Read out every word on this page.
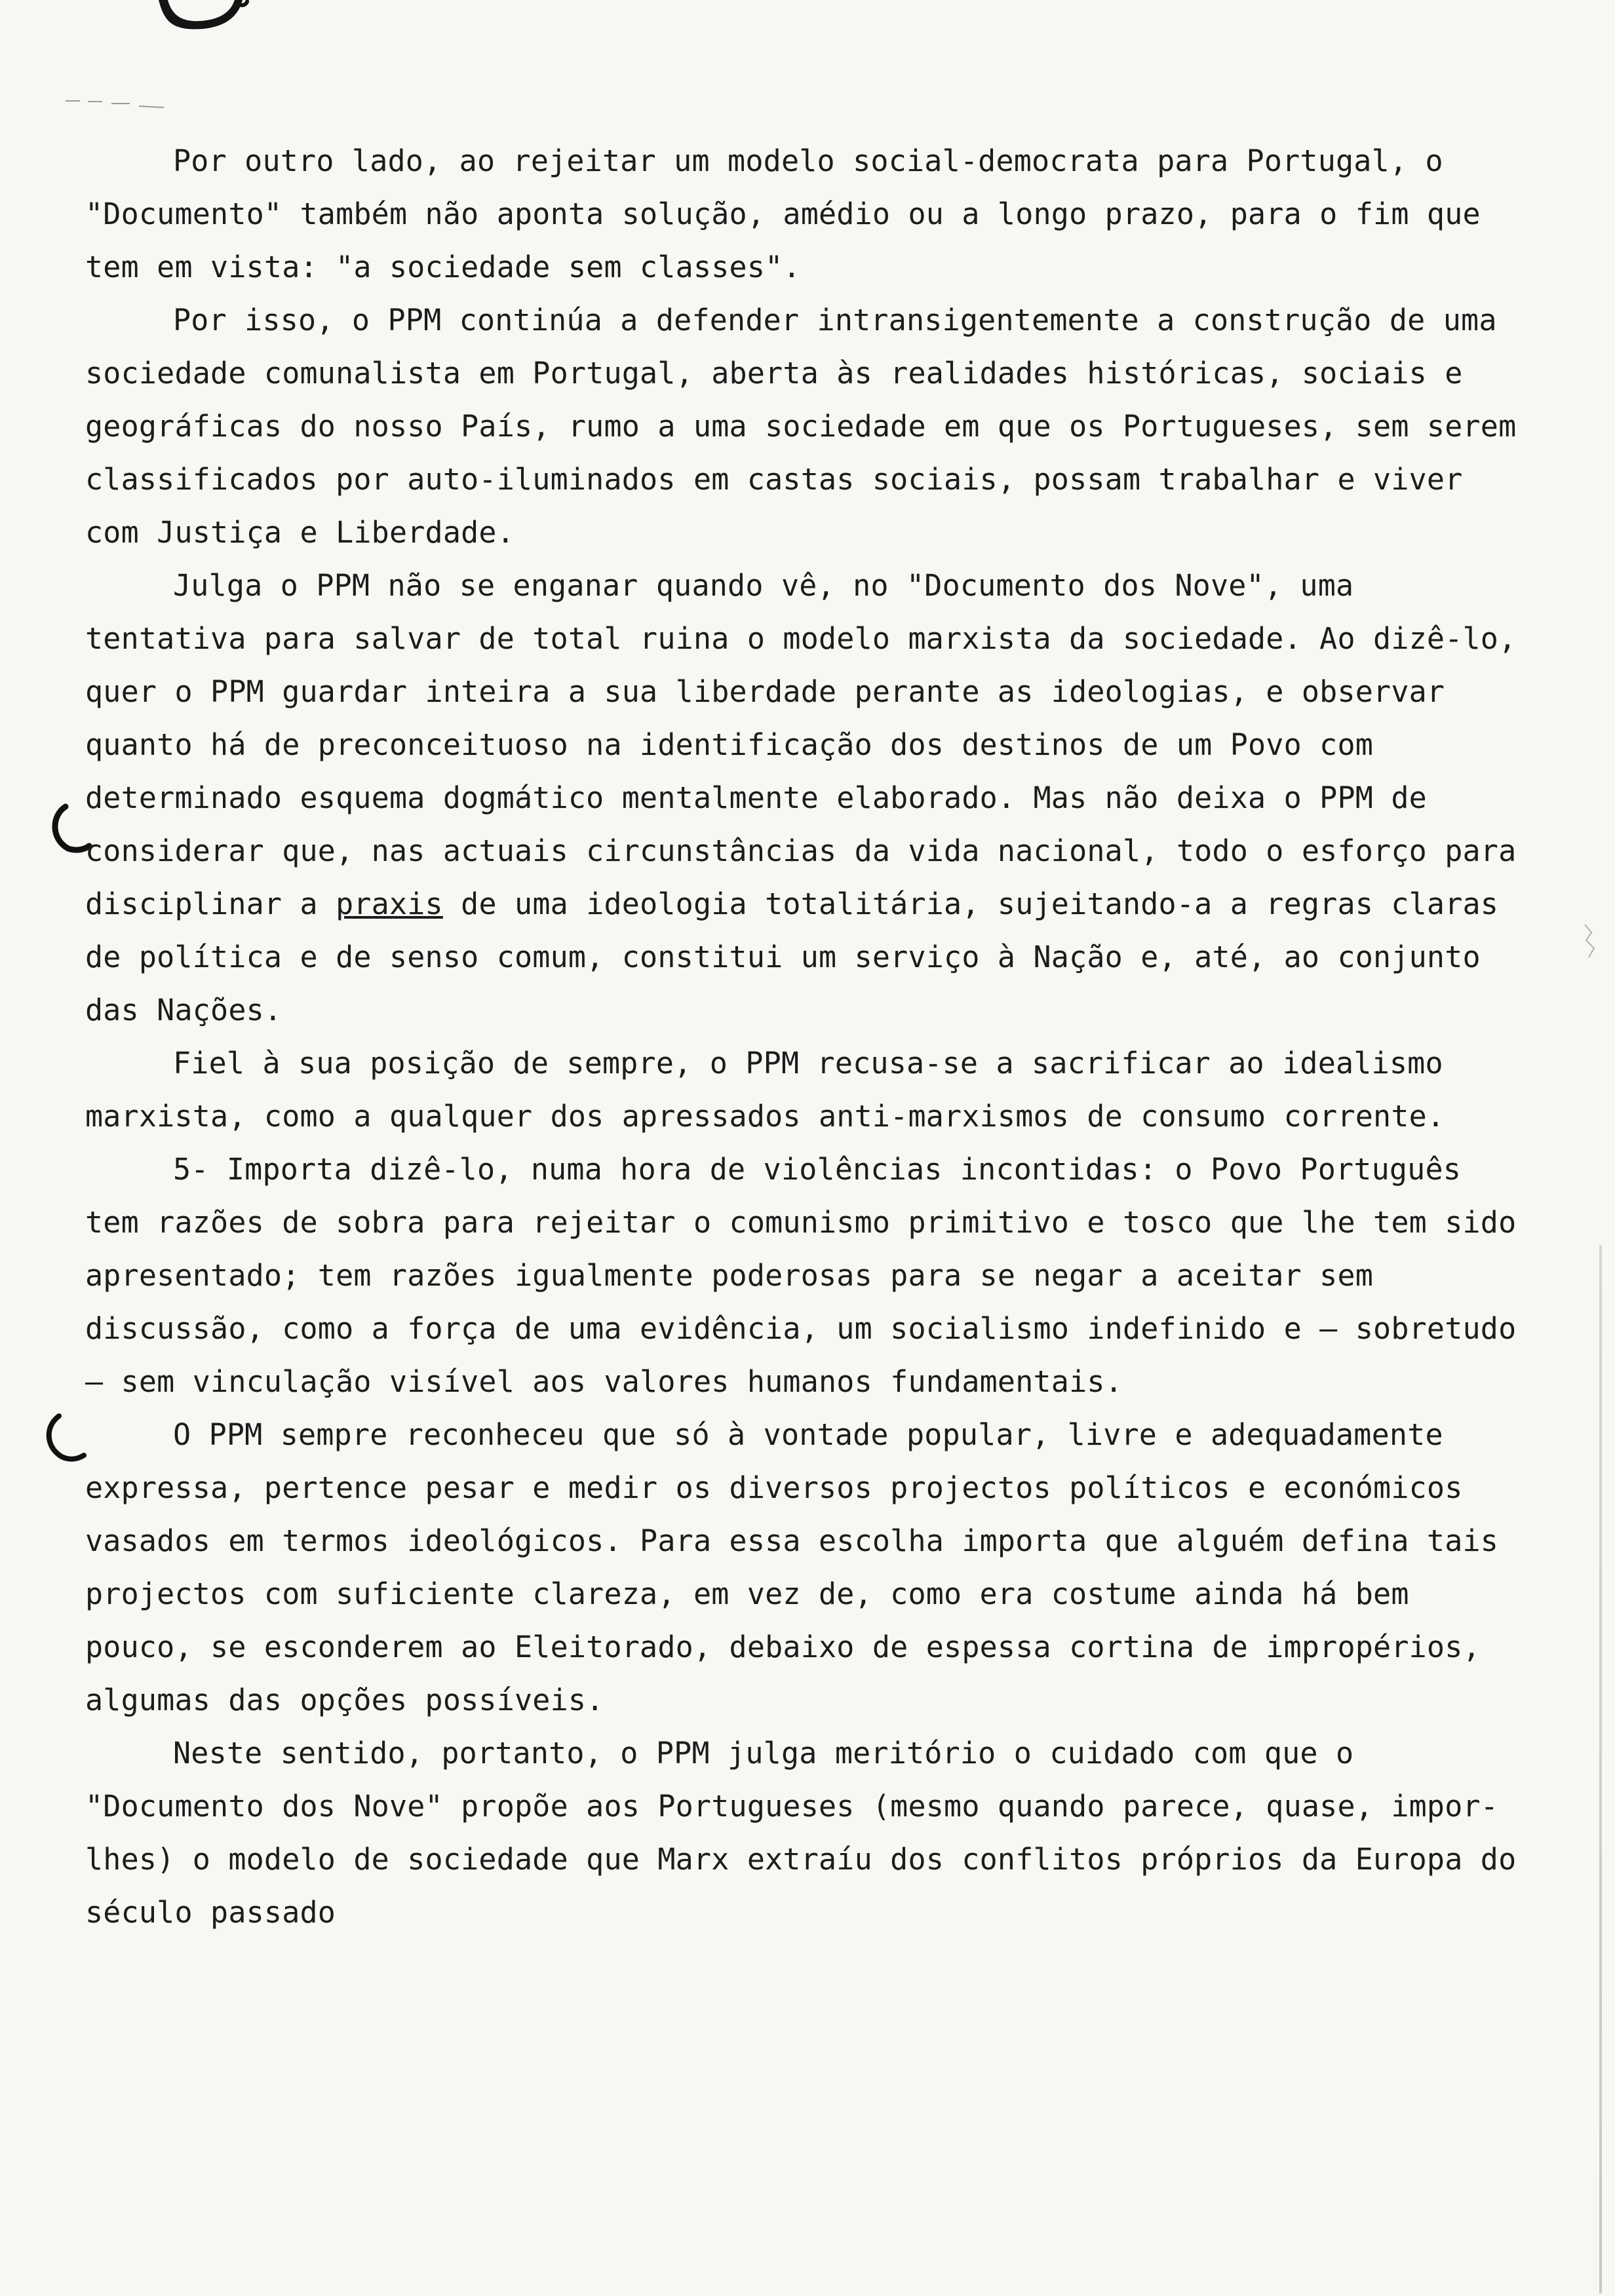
Por outro lado, ao rejeitar um modelo social-democrata para Portugal, o "Documento" também não aponta solução, amédio ou a longo prazo, para o fim que tem em vista: "a sociedade sem classes".

Por isso, o PPM continúa a defender intransigentemente a construção de uma sociedade comunalista em Portugal, aberta às realidades históricas, sociais e geográficas do nosso País, rumo a uma sociedade em que os Portugueses, sem serem classificados por auto-iluminados em castas sociais, possam trabalhar e viver com Justiça e Liberdade.

Julga o PPM não se enganar quando vê, no "Documento dos Nove", uma tentativa para salvar de total ruina o modelo marxista da sociedade. Ao dizê-lo, quer o PPM guardar inteira a sua liberdade perante as ideologias, e observar quanto há de preconceituoso na identificação dos destinos de um Povo com determinado esquema dogmático mentalmente elaborado. Mas não deixa o PPM de considerar que, nas actuais circunstâncias da vida nacional, todo o esforço para disciplinar a praxis de uma ideologia totalitária, sujeitando-a a regras claras de política e de senso comum, constitui um serviço à Nação e, até, ao conjunto das Nações.

Fiel à sua posição de sempre, o PPM recusa-se a sacrificar ao idealismo marxista, como a qualquer dos apressados anti-marxismos de consumo corrente.

5- Importa dizê-lo, numa hora de violências incontidas: o Povo Português tem razões de sobra para rejeitar o comunismo primitivo e tosco que lhe tem sido apresentado; tem razões igualmente poderosas para se negar a aceitar sem discussão, como a força de uma evidência, um socialismo indefinido e — sobretudo — sem vinculação visível aos valores humanos fundamentais.

O PPM sempre reconheceu que só à vontade popular, livre e adequadamente expressa, pertence pesar e medir os diversos projectos políticos e económicos vasados em termos ideológicos. Para essa escolha importa que alguém defina tais projectos com suficiente clareza, em vez de, como era costume ainda há bem pouco, se esconderem ao Eleitorado, debaixo de espessa cortina de impropérios, algumas das opções possíveis.

Neste sentido, portanto, o PPM julga meritório o cuidado com que o "Documento dos Nove" propõe aos Portugueses (mesmo quando parece, quase, impor-lhes) o modelo de sociedade que Marx extraíu dos conflitos próprios da Europa do século passado
